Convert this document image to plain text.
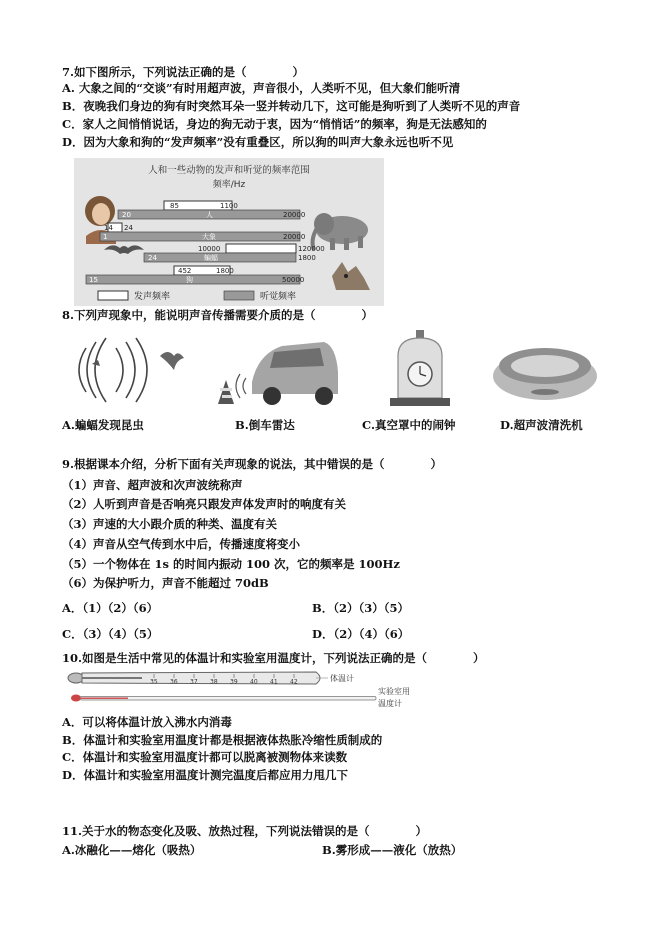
7.如下图所示，下列说法正确的是（　　　　）
A. 大象之间的“交谈”有时用超声波，声音很小，人类听不见，但大象们能听清
B．夜晚我们身边的狗有时突然耳朵一竖并转动几下，这可能是狗听到了人类听不见的声音
C．家人之间悄悄说话，身边的狗无动于衷，因为“悄悄话”的频率，狗是无法感知的
D．因为大象和狗的“发声频率”没有重叠区，所以狗的叫声大象永远也听不见
人和一些动物的发声和听觉的频率范围
频率/Hz
85	1100
20	人	20000
14 24
1	大象	20000
10000	120000
24	蝙蝠	1800
452	1800
15	狗	50000
发声频率	听觉频率
8.下列声现象中，能说明声音传播需要介质的是（　　　　）
A.蝙蝠发现昆虫	B.倒车雷达	C.真空罩中的闹钟	D.超声波清洗机
9.根据课本介绍，分析下面有关声现象的说法，其中错误的是（　　　　）
（1）声音、超声波和次声波统称声
（2）人听到声音是否响亮只跟发声体发声时的响度有关
（3）声速的大小跟介质的种类、温度有关
（4）声音从空气传到水中后，传播速度将变小
（5）一个物体在 1s 的时间内振动 100 次，它的频率是 100Hz
（6）为保护听力，声音不能超过 70dB
A．（1）（2）（6）	B．（2）（3）（5）
C．（3）（4）（5）	D．（2）（4）（6）
10.如图是生活中常见的体温计和实验室用温度计，下列说法正确的是（　　　　）
35 36 37 38 39 40 41 42	体温计
实验室用
温度计
A．可以将体温计放入沸水内消毒
B．体温计和实验室用温度计都是根据液体热胀冷缩性质制成的
C．体温计和实验室用温度计都可以脱离被测物体来读数
D．体温计和实验室用温度计测完温度后都应用力甩几下
11.关于水的物态变化及吸、放热过程，下列说法错误的是（　　　　）
A.冰融化——熔化（吸热）	B.雾形成——液化（放热）
